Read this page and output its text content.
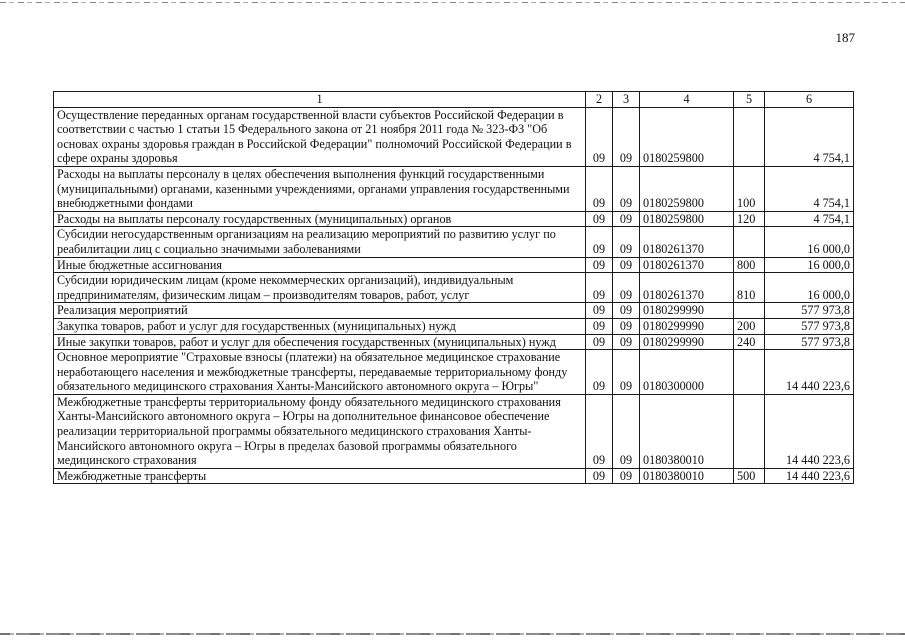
187
1	2	3	4	5	6
Осуществление переданных органам государственной власти субъектов Российской Федерации в соответствии с частью 1 статьи 15 Федерального закона от 21 ноября 2011 года № 323-ФЗ "Об основах охраны здоровья граждан в Российской Федерации" полномочий Российской Федерации в сфере охраны здоровья	09	09	0180259800		4 754,1
Расходы на выплаты персоналу в целях обеспечения выполнения функций государственными (муниципальными) органами, казенными учреждениями, органами управления государственными внебюджетными фондами	09	09	0180259800	100	4 754,1
Расходы на выплаты персоналу государственных (муниципальных) органов	09	09	0180259800	120	4 754,1
Субсидии негосударственным организациям на реализацию мероприятий по развитию услуг по реабилитации лиц с социально значимыми заболеваниями	09	09	0180261370		16 000,0
Иные бюджетные ассигнования	09	09	0180261370	800	16 000,0
Субсидии юридическим лицам (кроме некоммерческих организаций), индивидуальным предпринимателям, физическим лицам – производителям товаров, работ, услуг	09	09	0180261370	810	16 000,0
Реализация мероприятий	09	09	0180299990		577 973,8
Закупка товаров, работ и услуг для государственных (муниципальных) нужд	09	09	0180299990	200	577 973,8
Иные закупки товаров, работ и услуг для обеспечения государственных (муниципальных) нужд	09	09	0180299990	240	577 973,8
Основное мероприятие "Страховые взносы (платежи) на обязательное медицинское страхование неработающего населения и межбюджетные трансферты, передаваемые территориальному фонду обязательного медицинского страхования Ханты-Мансийского автономного округа – Югры"	09	09	0180300000		14 440 223,6
Межбюджетные трансферты территориальному фонду обязательного медицинского страхования Ханты-Мансийского автономного округа – Югры на дополнительное финансовое обеспечение реализации территориальной программы обязательного медицинского страхования Ханты-Мансийского автономного округа – Югры в пределах базовой программы обязательного медицинского страхования	09	09	0180380010		14 440 223,6
Межбюджетные трансферты	09	09	0180380010	500	14 440 223,6
